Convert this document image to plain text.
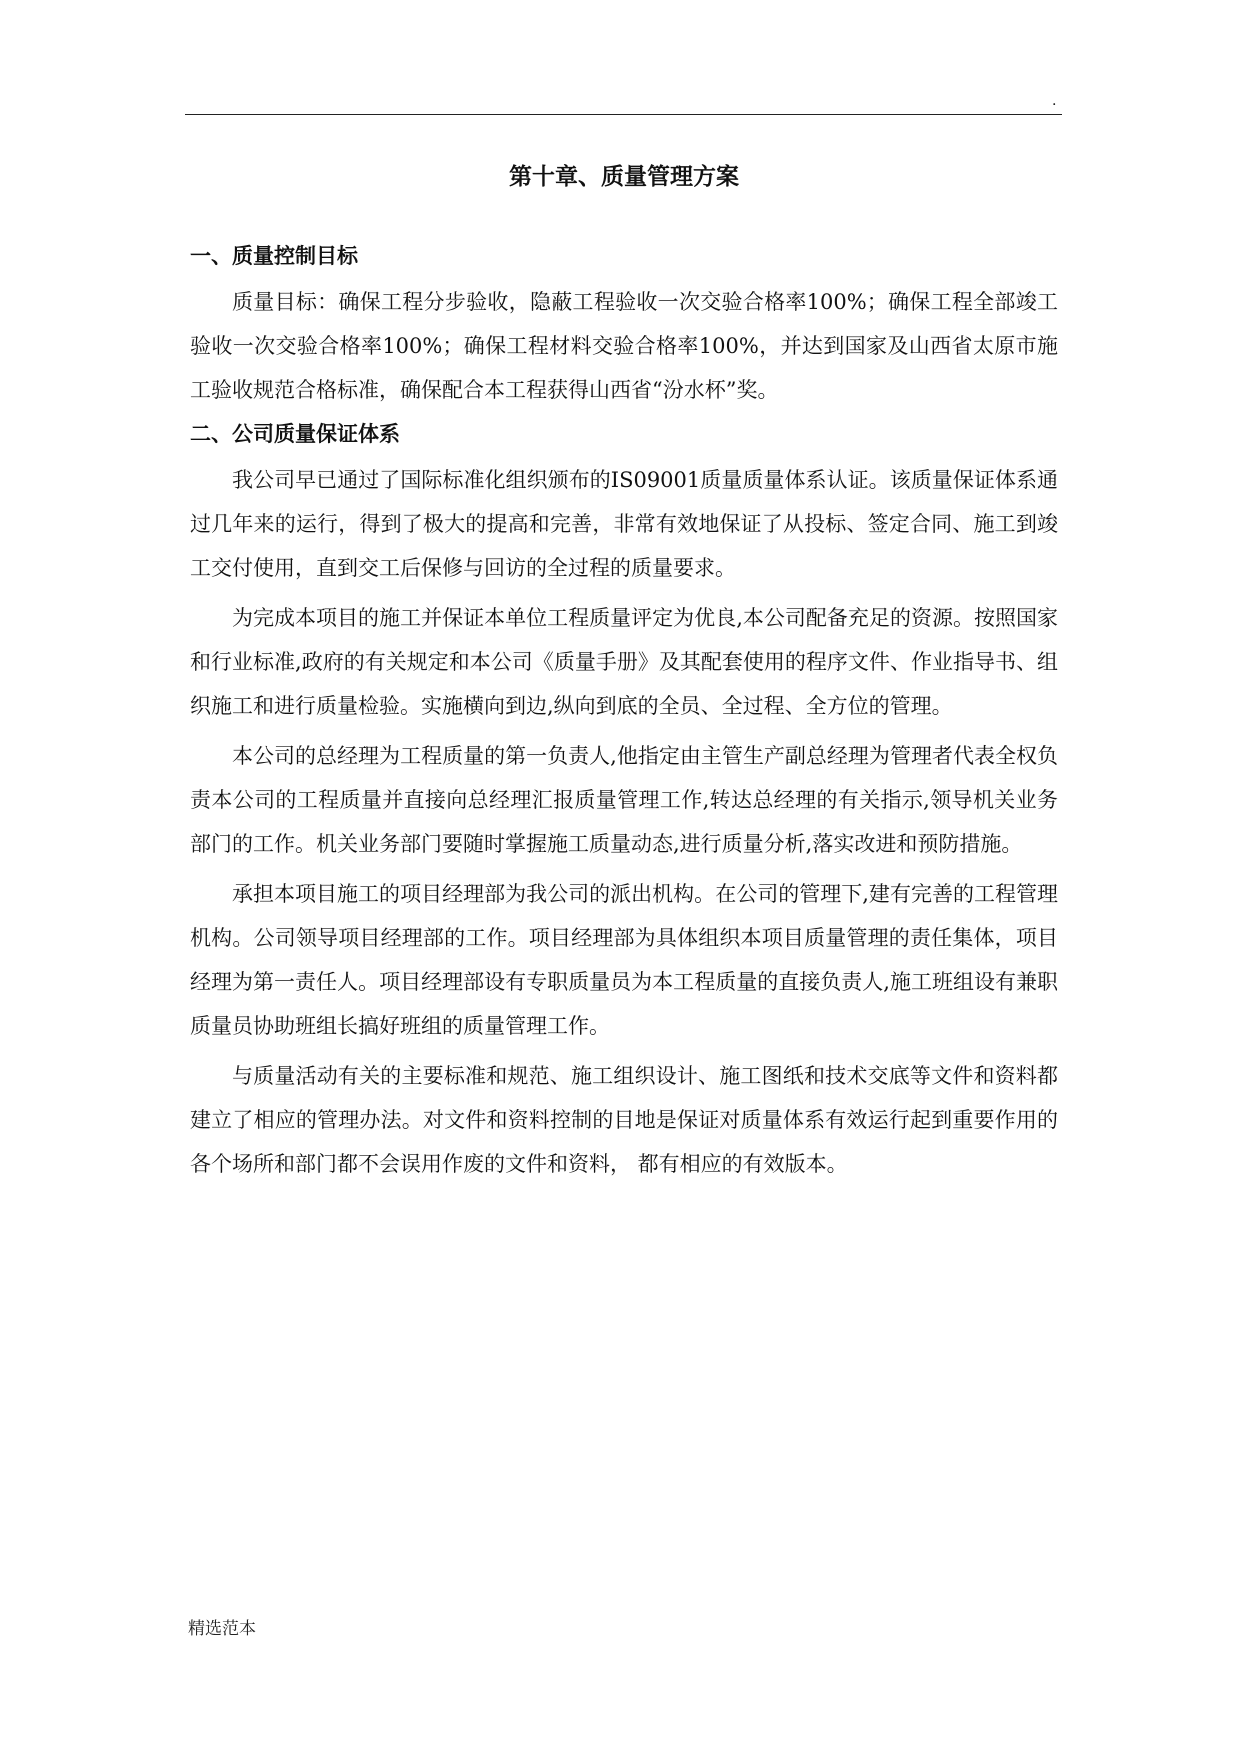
.
第十章、质量管理方案
一、质量控制目标

质量目标：确保工程分步验收，隐蔽工程验收一次交验合格率100%；确保工程全部竣工验收一次交验合格率100%；确保工程材料交验合格率100%，并达到国家及山西省太原市施工验收规范合格标准，确保配合本工程获得山西省“汾水杯”奖。

二、公司质量保证体系

我公司早已通过了国际标准化组织颁布的IS09001质量质量体系认证。该质量保证体系通过几年来的运行，得到了极大的提高和完善，非常有效地保证了从投标、签定合同、施工到竣工交付使用，直到交工后保修与回访的全过程的质量要求。

为完成本项目的施工并保证本单位工程质量评定为优良,本公司配备充足的资源。按照国家和行业标准,政府的有关规定和本公司《质量手册》及其配套使用的程序文件、作业指导书、组织施工和进行质量检验。实施横向到边,纵向到底的全员、全过程、全方位的管理。

本公司的总经理为工程质量的第一负责人,他指定由主管生产副总经理为管理者代表全权负责本公司的工程质量并直接向总经理汇报质量管理工作,转达总经理的有关指示,领导机关业务部门的工作。机关业务部门要随时掌握施工质量动态,进行质量分析,落实改进和预防措施。

承担本项目施工的项目经理部为我公司的派出机构。在公司的管理下,建有完善的工程管理机构。公司领导项目经理部的工作。项目经理部为具体组织本项目质量管理的责任集体，项目经理为第一责任人。项目经理部设有专职质量员为本工程质量的直接负责人,施工班组设有兼职质量员协助班组长搞好班组的质量管理工作。

与质量活动有关的主要标准和规范、施工组织设计、施工图纸和技术交底等文件和资料都建立了相应的管理办法。对文件和资料控制的目地是保证对质量体系有效运行起到重要作用的各个场所和部门都不会误用作废的文件和资料， 都有相应的有效版本。

精选范本
